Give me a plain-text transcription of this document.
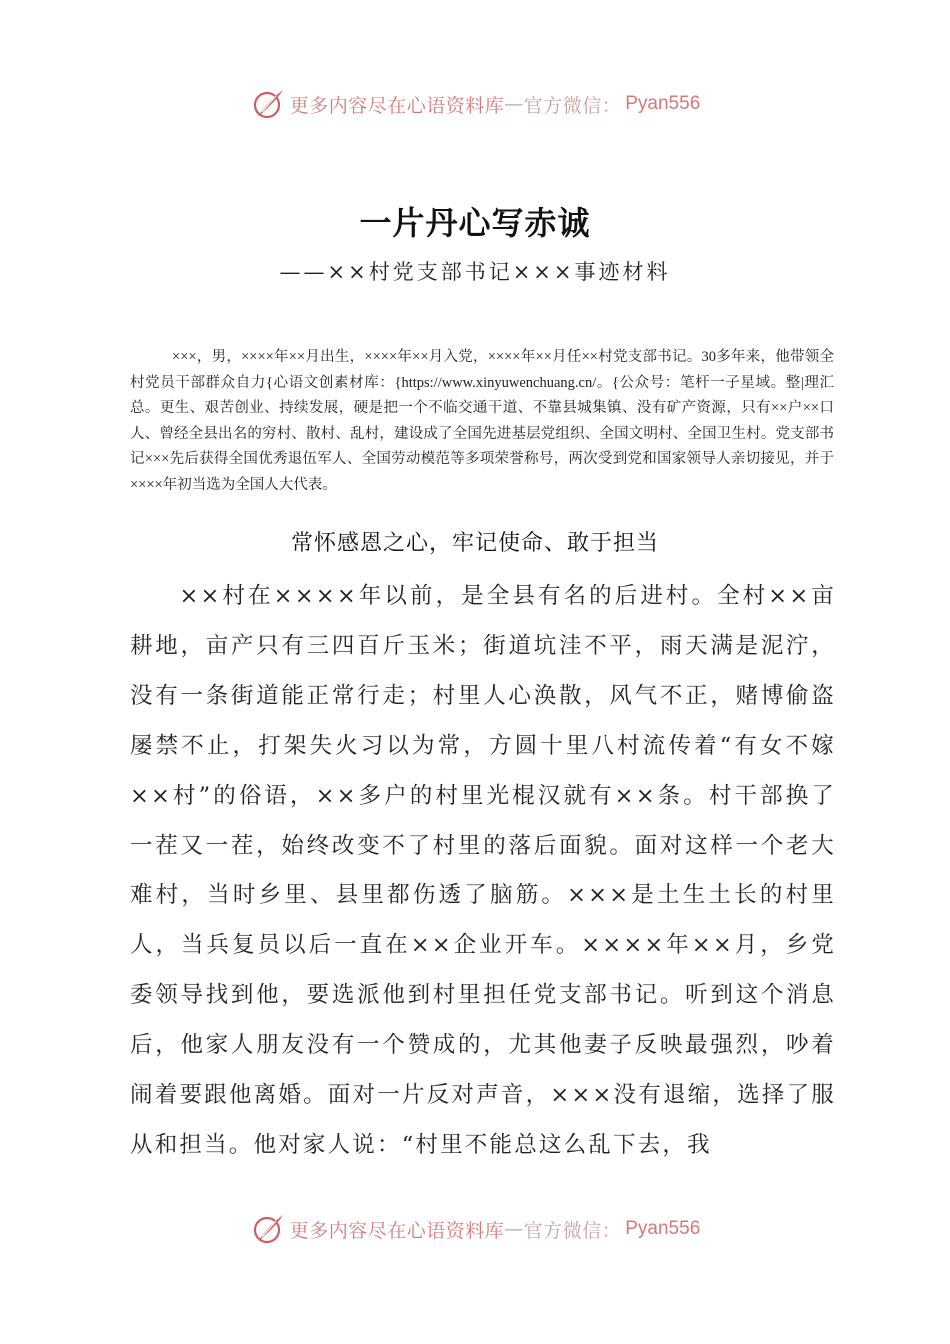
更多内容尽在心语资料库 — 官方微信： Pyan556
一片丹心写赤诚
——××村党支部书记×××事迹材料

×××，男，××××年××月出生，××××年××月入党，××××年××月任××村党支部书记。30多年来，他带领全村党员干部群众自力{心语文创素材库：{https://www.xinyuwenchuang.cn/。{公众号：笔杆一子星域。整|理汇总。更生、艰苦创业、持续发展，硬是把一个不临交通干道、不靠县城集镇、没有矿产资源，只有××户××口人、曾经全县出名的穷村、散村、乱村，建设成了全国先进基层党组织、全国文明村、全国卫生村。党支部书记×××先后获得全国优秀退伍军人、全国劳动模范等多项荣誉称号，两次受到党和国家领导人亲切接见，并于××××年初当选为全国人大代表。

常怀感恩之心，牢记使命、敢于担当

××村在××××年以前，是全县有名的后进村。全村××亩耕地，亩产只有三四百斤玉米；街道坑洼不平，雨天满是泥泞，没有一条街道能正常行走；村里人心涣散，风气不正，赌博偷盗屡禁不止，打架失火习以为常，方圆十里八村流传着“有女不嫁××村”的俗语，××多户的村里光棍汉就有××条。村干部换了一茬又一茬，始终改变不了村里的落后面貌。面对这样一个老大难村，当时乡里、县里都伤透了脑筋。×××是土生土长的村里人，当兵复员以后一直在××企业开车。××××年××月，乡党委领导找到他，要选派他到村里担任党支部书记。听到这个消息后，他家人朋友没有一个赞成的，尤其他妻子反映最强烈，吵着闹着要跟他离婚。面对一片反对声音，×××没有退缩，选择了服从和担当。他对家人说：“村里不能总这么乱下去，我

更多内容尽在心语资料库 — 官方微信： Pyan556
